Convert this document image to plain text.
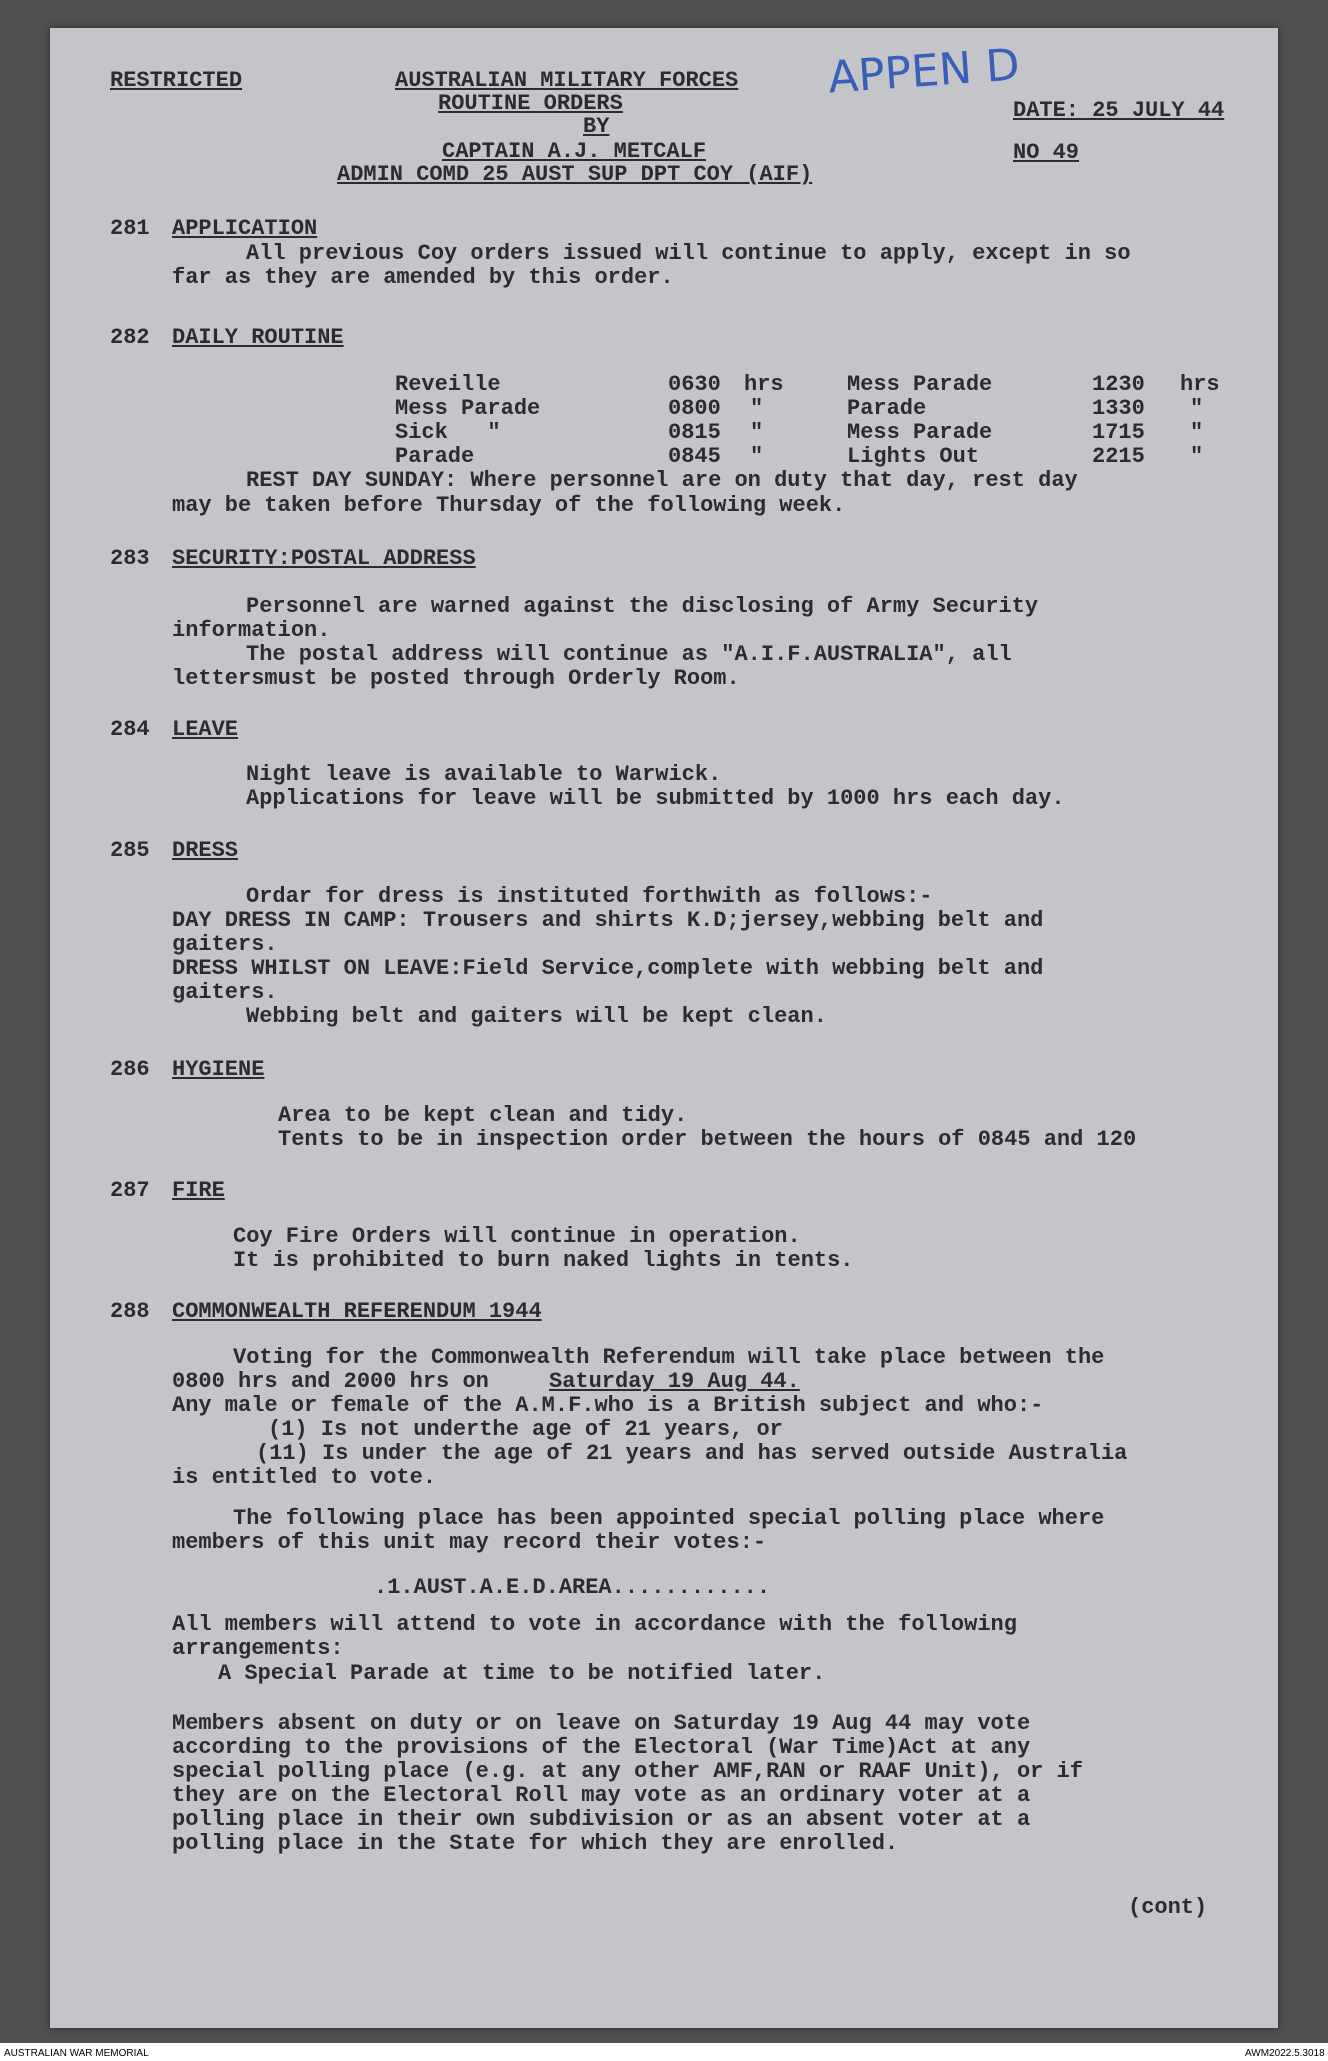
RESTRICTED	AUSTRALIAN MILITARY FORCES
ROUTINE ORDERS
BY
CAPTAIN A.J. METCALF
ADMIN COMD 25 AUST SUP DPT COY (AIF)
DATE: 25 JULY 44
NO 49
APPEN D
281 APPLICATION
All previous Coy orders issued will continue to apply, except in so
far as they are amended by this order.
282 DAILY ROUTINE
Reveille	0630 hrs	Mess Parade	1230 hrs
Mess Parade	0800 "	Parade	1330 "
Sick   "	0815 "	Mess Parade	1715 "
Parade	0845 "	Lights Out	2215 "
REST DAY SUNDAY: Where personnel are on duty that day, rest day
may be taken before Thursday of the following week.
283 SECURITY:POSTAL ADDRESS
Personnel are warned against the disclosing of Army Security
information.
The postal address will continue as "A.I.F.AUSTRALIA", all
lettersmust be posted through Orderly Room.
284 LEAVE
Night leave is available to Warwick.
Applications for leave will be submitted by 1000 hrs each day.
285 DRESS
Ordar for dress is instituted forthwith as follows:-
DAY DRESS IN CAMP: Trousers and shirts K.D;jersey,webbing belt and
gaiters.
DRESS WHILST ON LEAVE:Field Service,complete with webbing belt and
gaiters.
Webbing belt and gaiters will be kept clean.
286 HYGIENE
Area to be kept clean and tidy.
Tents to be in inspection order between the hours of 0845 and 120
287 FIRE
Coy Fire Orders will continue in operation.
It is prohibited to burn naked lights in tents.
288 COMMONWEALTH REFERENDUM 1944
Voting for the Commonwealth Referendum will take place between the
0800 hrs and 2000 hrs on	Saturday 19 Aug 44.
Any male or female of the A.M.F.who is a British subject and who:-
(1) Is not underthe age of 21 years, or
(11) Is under the age of 21 years and has served outside Australia
is entitled to vote.
The following place has been appointed special polling place where
members of this unit may record their votes:-
.1.AUST.A.E.D.AREA............
All members will attend to vote in accordance with the following
arrangements:
A Special Parade at time to be notified later.
Members absent on duty or on leave on Saturday 19 Aug 44 may vote
according to the provisions of the Electoral (War Time)Act at any
special polling place (e.g. at any other AMF,RAN or RAAF Unit), or if
they are on the Electoral Roll may vote as an ordinary voter at a
polling place in their own subdivision or as an absent voter at a
polling place in the State for which they are enrolled.
(cont)
AUSTRALIAN WAR MEMORIAL	AWM2022.5.3018
